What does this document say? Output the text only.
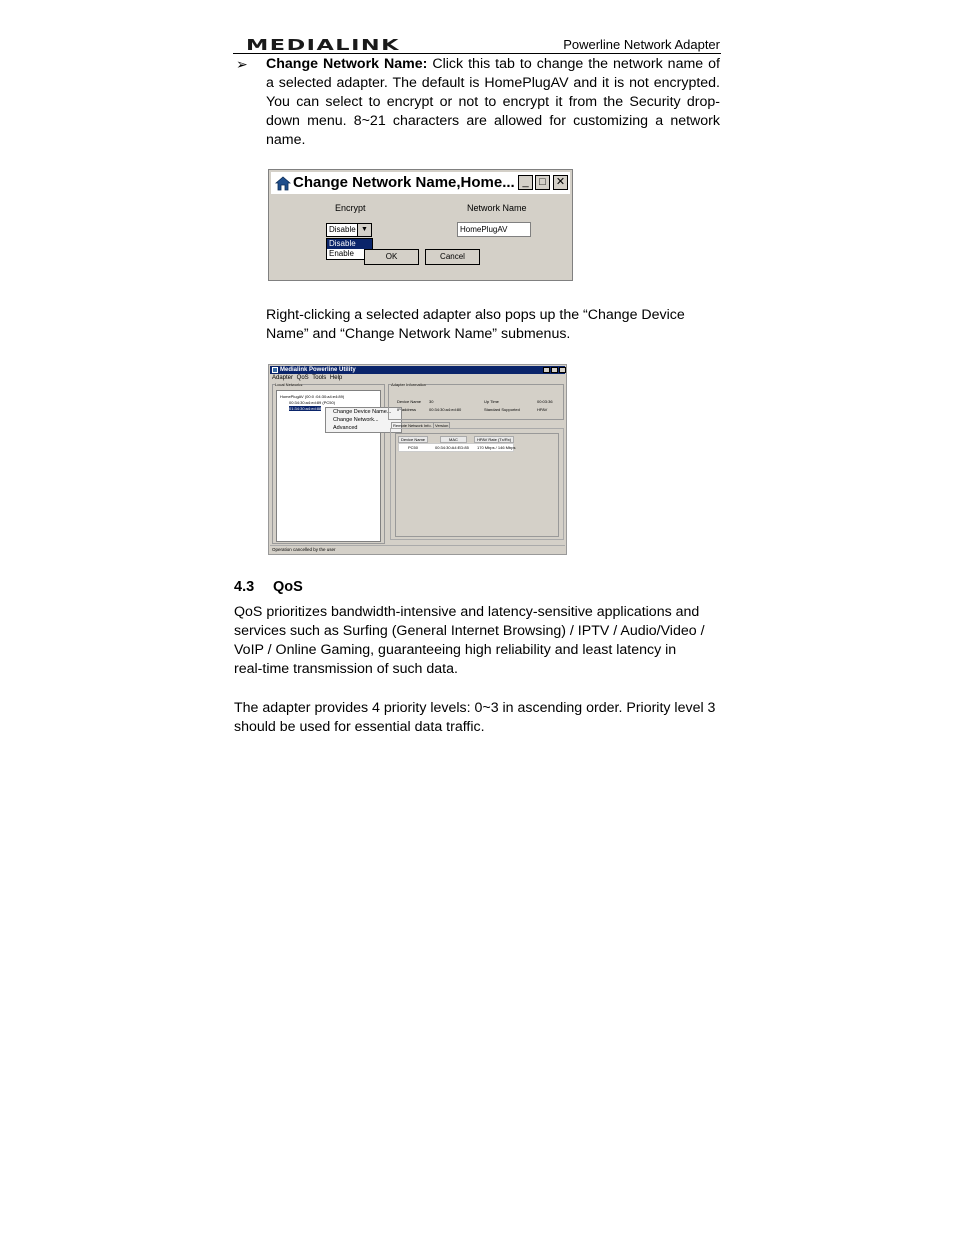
MEDIALINK	Powerline Network Adapter
➢ Change Network Name: Click this tab to change the network name of a selected adapter. The default is HomePlugAV and it is not encrypted. You can select to encrypt or not to encrypt it from the Security drop-down menu. 8~21 characters are allowed for customizing a network name.
Change Network Name,Home... _ □ ✕
Encrypt	Network Name
Disable ▼
Disable
Enable
HomePlugAV
OK	Cancel
Right-clicking a selected adapter also pops up the “Change Device Name” and “Change Network Name” submenus.
Medialink Powerline Utility
Adapter QoS Tools Help
Local Networks
HomePlugAV (00:0 :04:30:a4:e4:89)
00:34:30:a4:ed:89 (PC50)
01:34:30:a4:ed:88
Change Device Name...
Change Network...
Advanced
Adapter Information
Device Name 30
IP address	00:34:30:a4:ed:80
Up Time	00:03:36
Standard Supported	HPAV
Remote Network Info. Version
Device Name	MAC	HPAV Rate (Tx/Rx)
PC50	00:34:30:A4:ED:85 170 Mbps / 146 Mbps
Operation cancelled by the user
4.3 QoS
QoS prioritizes bandwidth-intensive and latency-sensitive applications and
services such as Surfing (General Internet Browsing) / IPTV / Audio/Video /
VoIP / Online Gaming, guaranteeing high reliability and least latency in
real-time transmission of such data.
The adapter provides 4 priority levels: 0~3 in ascending order. Priority level 3
should be used for essential data traffic.
